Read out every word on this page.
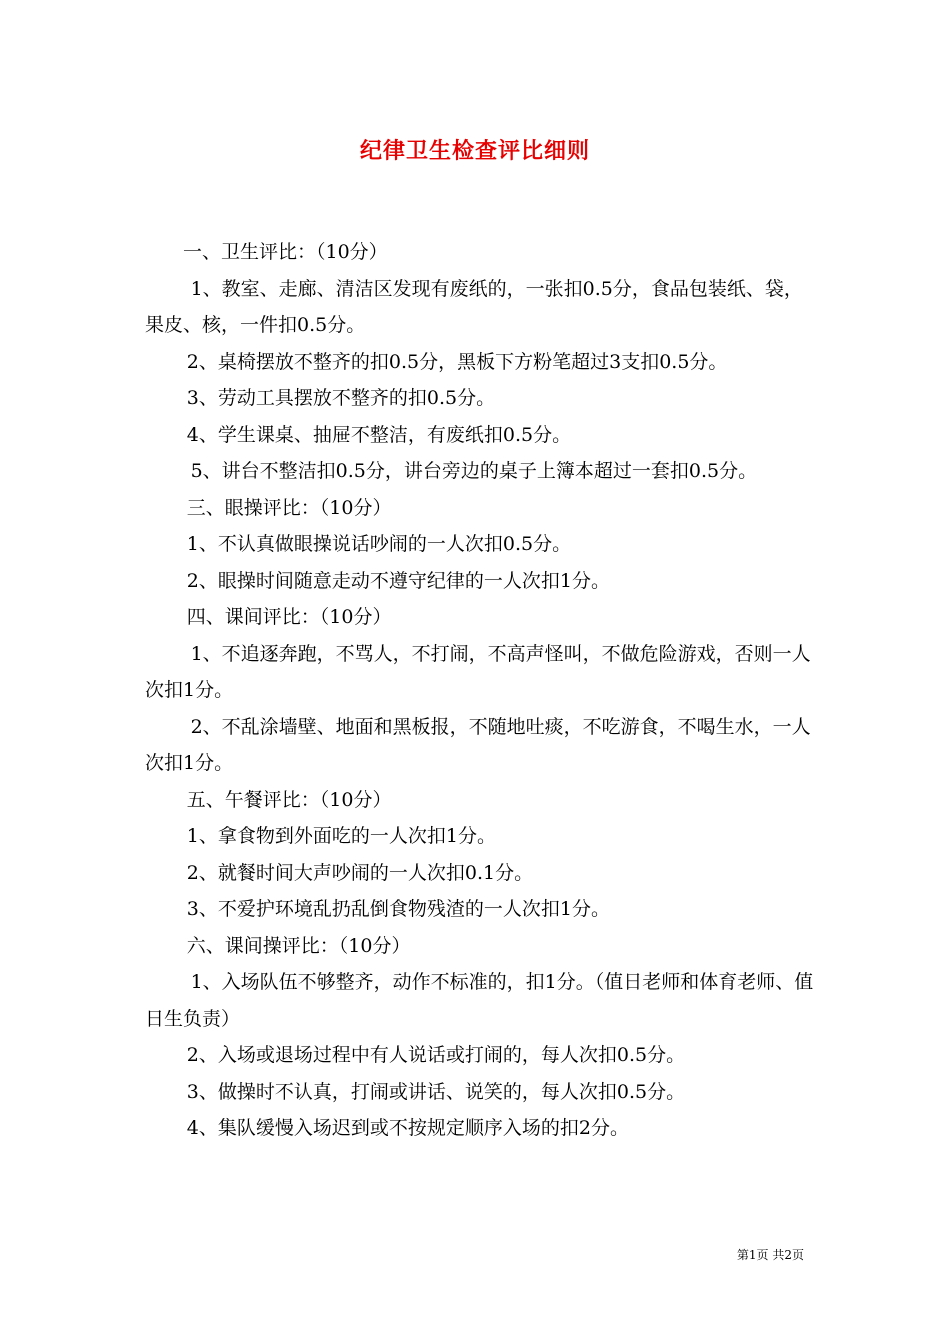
纪律卫生检查评比细则

一、卫生评比：（10分）

1、教室、走廊、清洁区发现有废纸的，一张扣0.5分，食品包装纸、袋，果皮、核，一件扣0.5分。

2、桌椅摆放不整齐的扣0.5分，黑板下方粉笔超过3支扣0.5分。

3、劳动工具摆放不整齐的扣0.5分。

4、学生课桌、抽屉不整洁，有废纸扣0.5分。

5、讲台不整洁扣0.5分，讲台旁边的桌子上簿本超过一套扣0.5分。

三、眼操评比：（10分）

1、不认真做眼操说话吵闹的一人次扣0.5分。

2、眼操时间随意走动不遵守纪律的一人次扣1分。

四、课间评比：（10分）

1、不追逐奔跑，不骂人，不打闹，不高声怪叫，不做危险游戏，否则一人次扣1分。

2、不乱涂墙壁、地面和黑板报，不随地吐痰，不吃游食，不喝生水，一人次扣1分。

五、午餐评比：（10分）

1、拿食物到外面吃的一人次扣1分。

2、就餐时间大声吵闹的一人次扣0.1分。

3、不爱护环境乱扔乱倒食物残渣的一人次扣1分。

六、课间操评比：（10分）

1、入场队伍不够整齐，动作不标准的，扣1分。（值日老师和体育老师、值日生负责）

2、入场或退场过程中有人说话或打闹的，每人次扣0.5分。

3、做操时不认真，打闹或讲话、说笑的，每人次扣0.5分。

4、集队缓慢入场迟到或不按规定顺序入场的扣2分。

第1页 共2页
